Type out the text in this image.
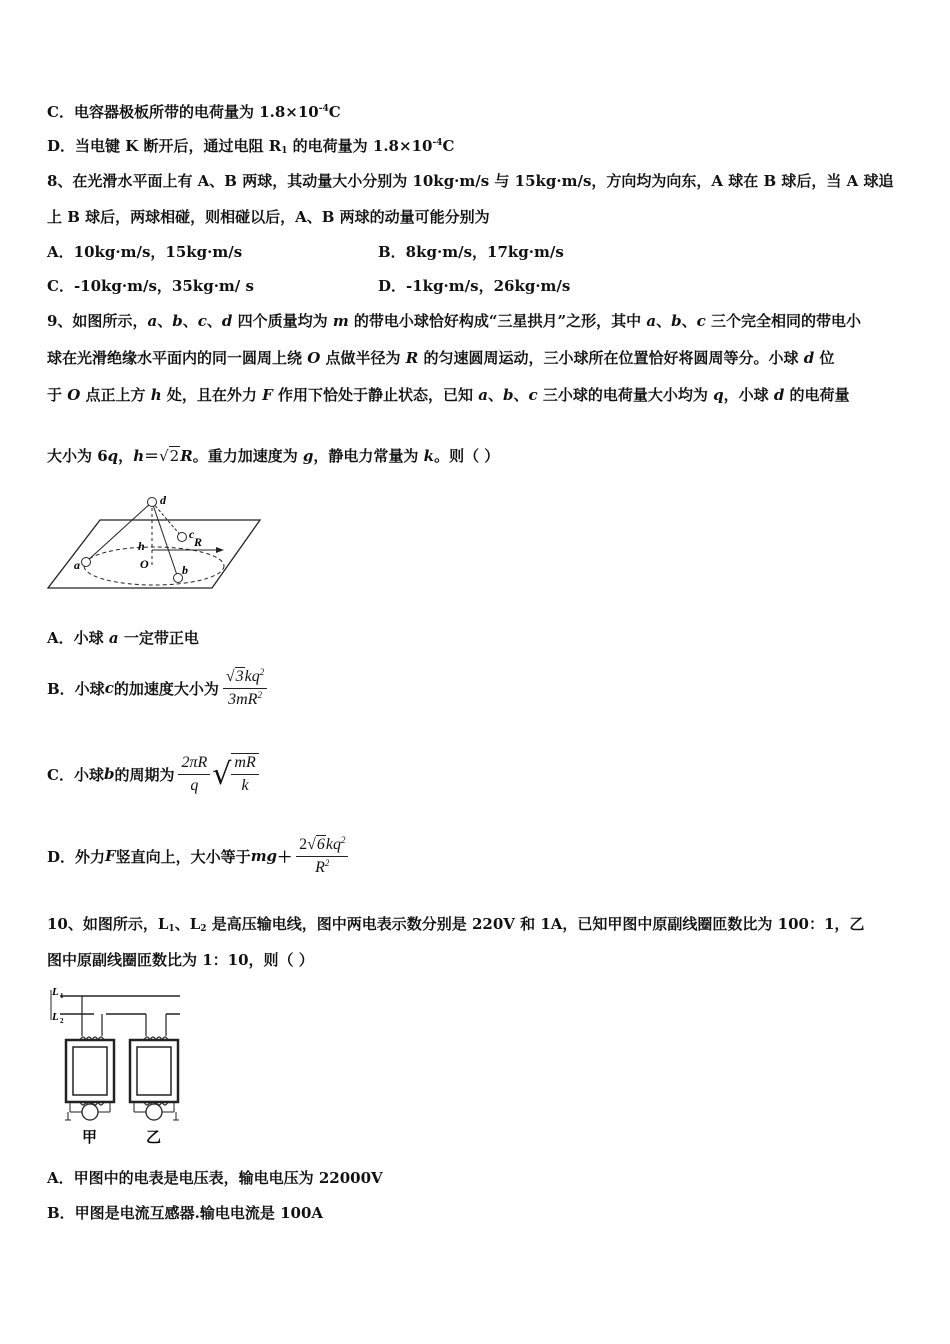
C．电容器极板所带的电荷量为 $1.8\times 10^{-4}C$
D．当电键 K 断开后，通过电阻 $R_1$ 的电荷量为 $1.8\times 10^{-4}C$
8、在光滑水平面上有 A、B 两球，其动量大小分别为 10kg·m/s 与 15kg·m/s，方向均为向东，A 球在 B 球后，当 A 球追
上 B 球后，两球相碰，则相碰以后，A、B 两球的动量可能分别为
A．10kg·m/s，15kg·m/s	B．8kg·m/s，17kg·m/s
C．-10kg·m/s，35kg·m/ s	D．-1kg·m/s，26kg·m/s
9、如图所示，a、b、c、d 四个质量均为 m 的带电小球恰好构成“三星拱月”之形，其中 a、b、c 三个完全相同的带电小
球在光滑绝缘水平面内的同一圆周上绕 O 点做半径为 R 的匀速圆周运动，三小球所在位置恰好将圆周等分。小球 d 位
于 O 点正上方 h 处，且在外力 F 作用下恰处于静止状态，已知 a、b、c 三小球的电荷量大小均为 q，小球 d 的电荷量
大小为 6q，h＝√2R。重力加速度为 g，静电力常量为 k。则（ ）
d
c
h	R
O
a	b
A．小球 a 一定带正电
B．小球 c 的加速度大小为 $\frac{√3kq^2}{3mR^2}$
C．小球 b 的周期为 $\frac{2\pi R}{q}$ √ $\frac{mR}{k}$
D．外力 F 竖直向上，大小等于 mg ＋ $\frac{2√6kq^2}{R^2}$
10、如图所示，$L_1$、$L_2$ 是高压输电线，图中两电表示数分别是 220V 和 1A，已知甲图中原副线圈匝数比为 100：1，乙
图中原副线圈匝数比为 1：10，则（ ）
L 1
L 2
甲	乙
A．甲图中的电表是电压表，输电电压为 22000V
B．甲图是电流互感器.输电电流是 100A
